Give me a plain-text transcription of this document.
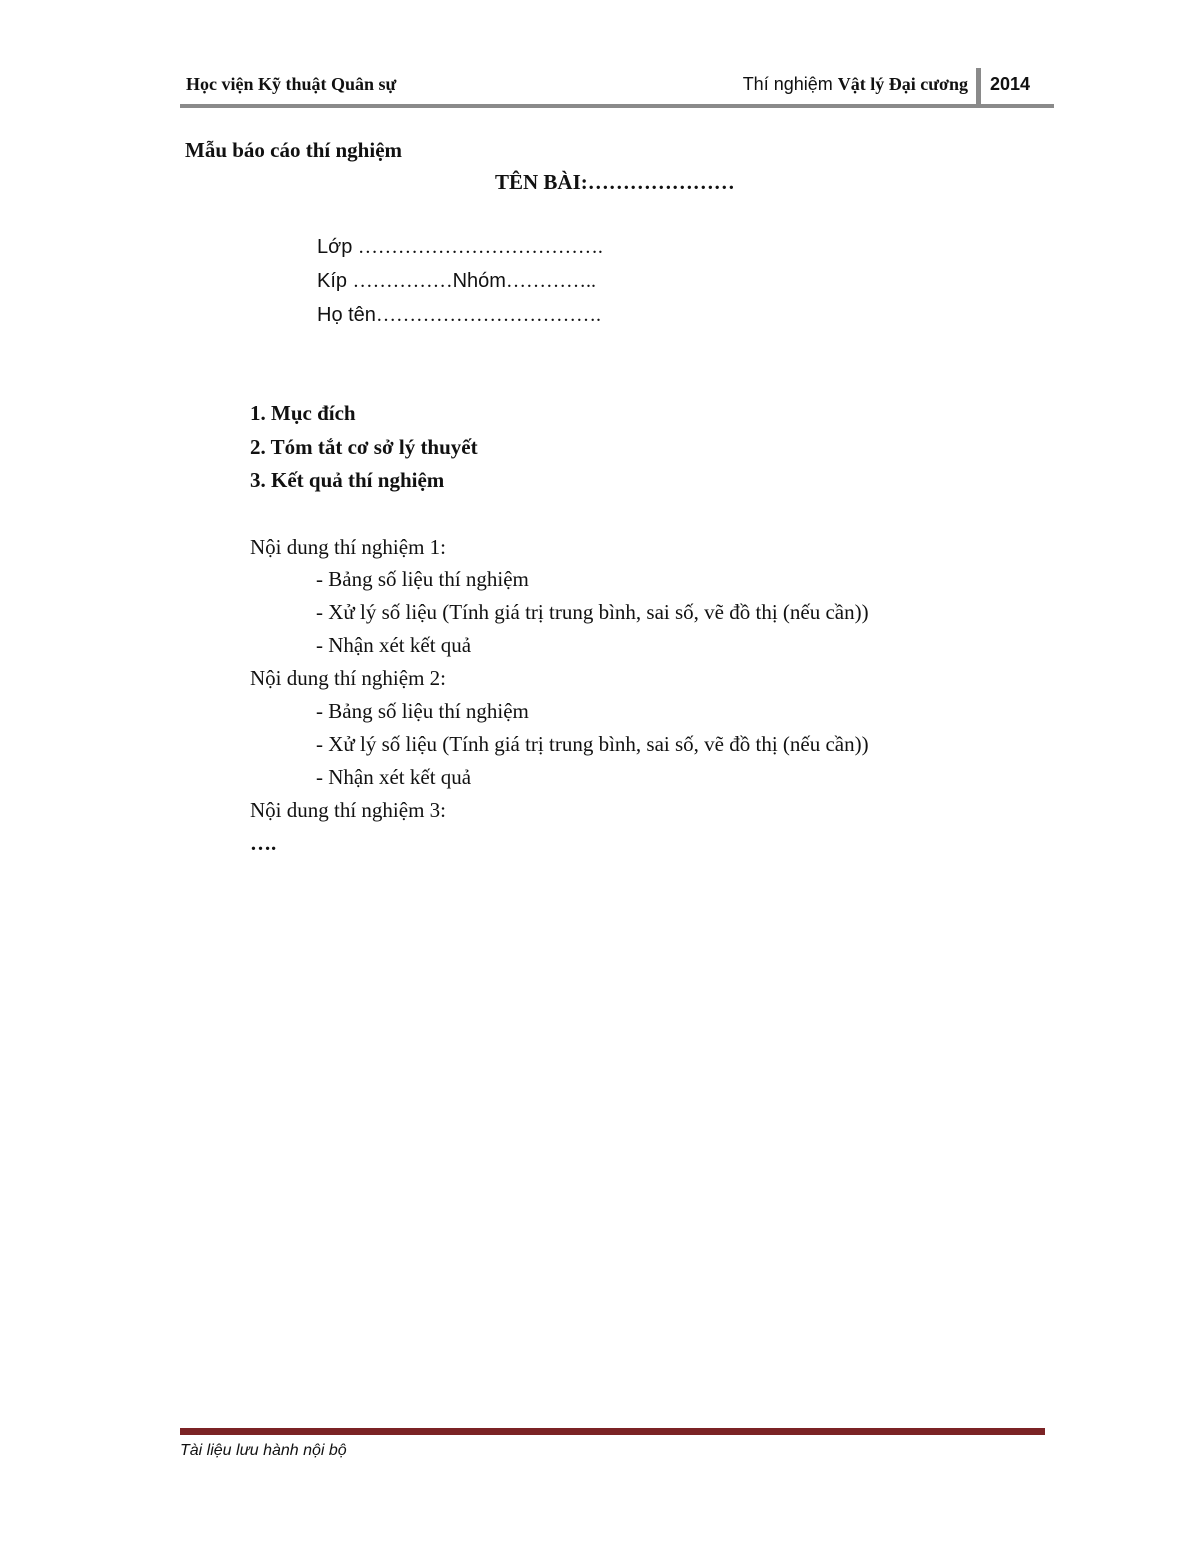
Học viện Kỹ thuật Quân sự	Thí nghiệm Vật lý Đại cương 2014
Mẫu báo cáo thí nghiệm
TÊN BÀI:…………………
Lớp ……………………………….
Kíp ……………Nhóm…………..
Họ tên…………………………….
1. Mục đích
2. Tóm tắt cơ sở lý thuyết
3. Kết quả thí nghiệm
Nội dung thí nghiệm 1:
- Bảng số liệu thí nghiệm
- Xử lý số liệu (Tính giá trị trung bình, sai số, vẽ đồ thị (nếu cần))
- Nhận xét kết quả
Nội dung thí nghiệm 2:
- Bảng số liệu thí nghiệm
- Xử lý số liệu (Tính giá trị trung bình, sai số, vẽ đồ thị (nếu cần))
- Nhận xét kết quả
Nội dung thí nghiệm 3:
….
Tài liệu lưu hành nội bộ
